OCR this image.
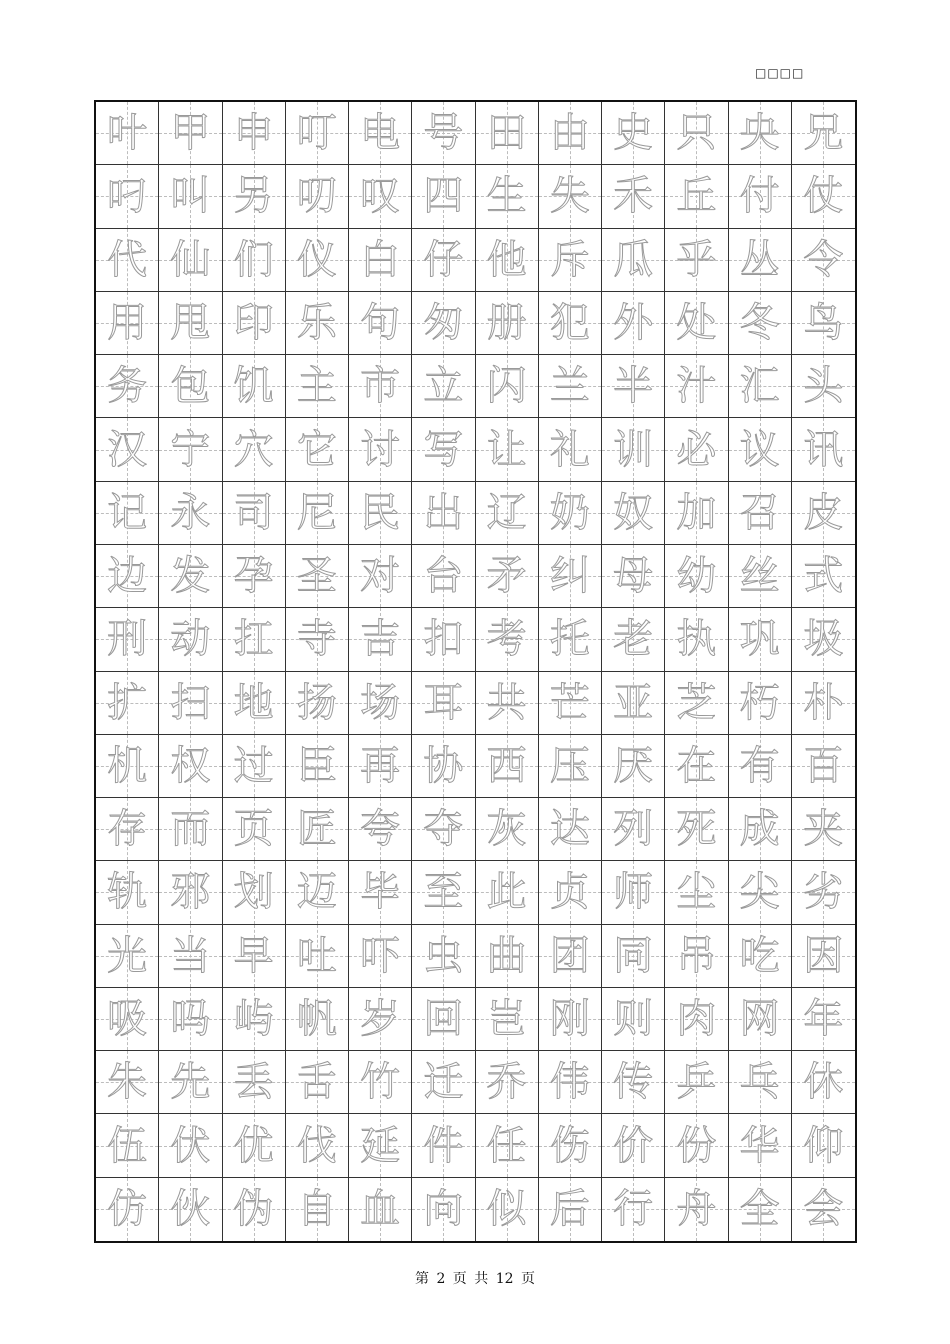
□□□□
叶 甲 申 叮 电 号 田 由 史 只 央 兄
叼 叫 另 叨 叹 四 生 失 禾 丘 付 仗
代 仙 们 仪 白 仔 他 斥 瓜 乎 丛 令
用 甩 印 乐 句 匆 册 犯 外 处 冬 鸟
务 包 饥 主 市 立 闪 兰 半 汁 汇 头
汉 宁 穴 它 讨 写 让 礼 训 必 议 讯
记 永 司 尼 民 出 辽 奶 奴 加 召 皮
边 发 孕 圣 对 台 矛 纠 母 幼 丝 式
刑 动 扛 寺 吉 扣 考 托 老 执 巩 圾
扩 扫 地 扬 场 耳 共 芒 亚 芝 朽 朴
机 权 过 臣 再 协 西 压 厌 在 有 百
存 而 页 匠 夸 夺 灰 达 列 死 成 夹
轨 邪 划 迈 毕 至 此 贞 师 尘 尖 劣
光 当 早 吐 吓 虫 曲 团 同 吊 吃 因
吸 吗 屿 帆 岁 回 岂 刚 则 肉 网 年
朱 先 丢 舌 竹 迁 乔 伟 传 乒 乓 休
伍 伏 优 伐 延 件 任 伤 价 份 华 仰
仿 伙 伪 自 血 向 似 后 行 舟 全 会
第 2 页 共 12 页
